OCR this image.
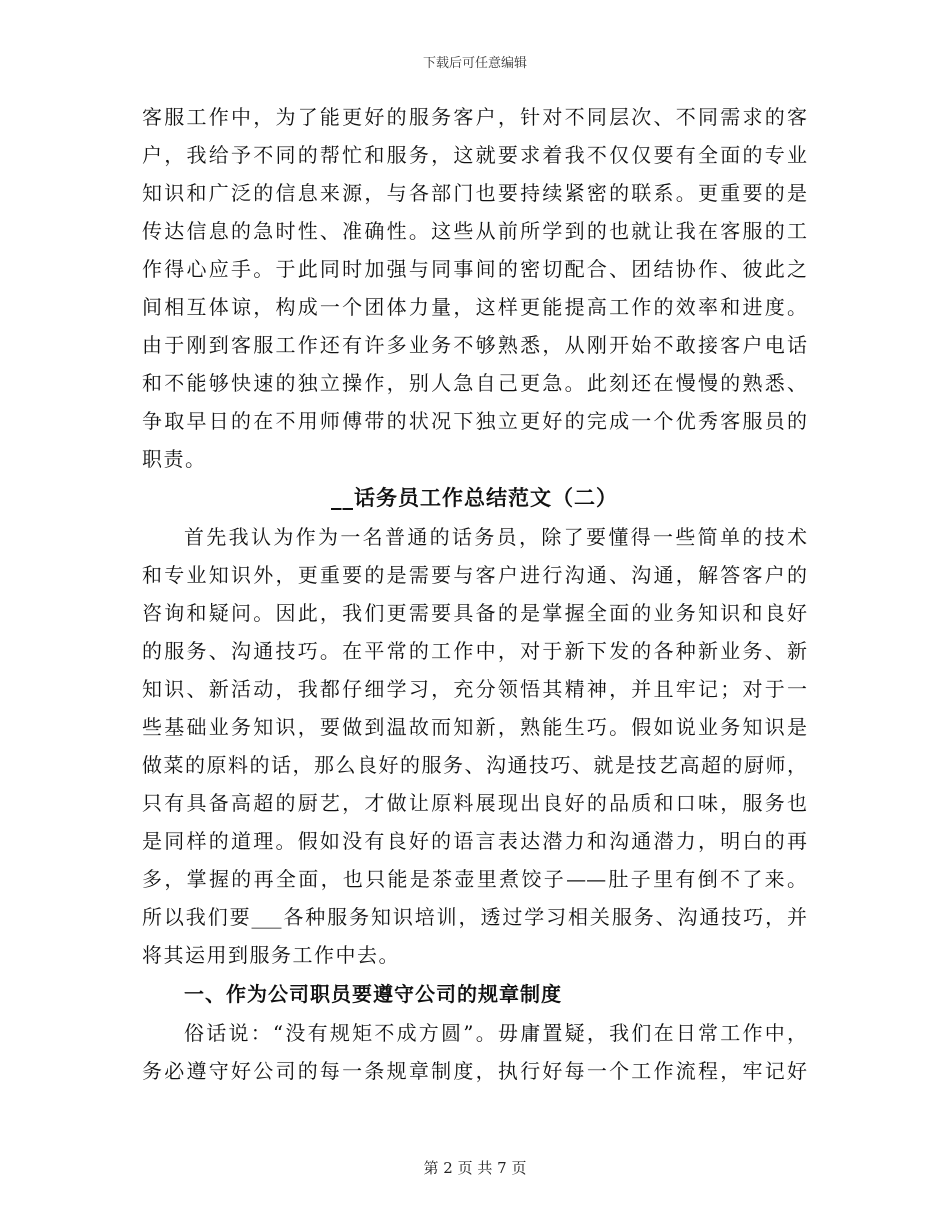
下载后可任意编辑
客服工作中，为了能更好的服务客户，针对不同层次、不同需求的客
户，我给予不同的帮忙和服务，这就要求着我不仅仅要有全面的专业
知识和广泛的信息来源，与各部门也要持续紧密的联系。更重要的是
传达信息的急时性、准确性。这些从前所学到的也就让我在客服的工
作得心应手。于此同时加强与同事间的密切配合、团结协作、彼此之
间相互体谅，构成一个团体力量，这样更能提高工作的效率和进度。
由于刚到客服工作还有许多业务不够熟悉，从刚开始不敢接客户电话
和不能够快速的独立操作，别人急自己更急。此刻还在慢慢的熟悉、
争取早日的在不用师傅带的状况下独立更好的完成一个优秀客服员的
职责。
__话务员工作总结范文（二）
首先我认为作为一名普通的话务员，除了要懂得一些简单的技术
和专业知识外，更重要的是需要与客户进行沟通、沟通，解答客户的
咨询和疑问。因此，我们更需要具备的是掌握全面的业务知识和良好
的服务、沟通技巧。在平常的工作中，对于新下发的各种新业务、新
知识、新活动，我都仔细学习，充分领悟其精神，并且牢记；对于一
些基础业务知识，要做到温故而知新，熟能生巧。假如说业务知识是
做菜的原料的话，那么良好的服务、沟通技巧、就是技艺高超的厨师，
只有具备高超的厨艺，才做让原料展现出良好的品质和口味，服务也
是同样的道理。假如没有良好的语言表达潜力和沟通潜力，明白的再
多，掌握的再全面，也只能是茶壶里煮饺子——肚子里有倒不了来。
所以我们要___各种服务知识培训，透过学习相关服务、沟通技巧，并
将其运用到服务工作中去。
一、作为公司职员要遵守公司的规章制度
俗话说：“没有规矩不成方圆”。毋庸置疑，我们在日常工作中，
务必遵守好公司的每一条规章制度，执行好每一个工作流程，牢记好
第 2 页 共 7 页
